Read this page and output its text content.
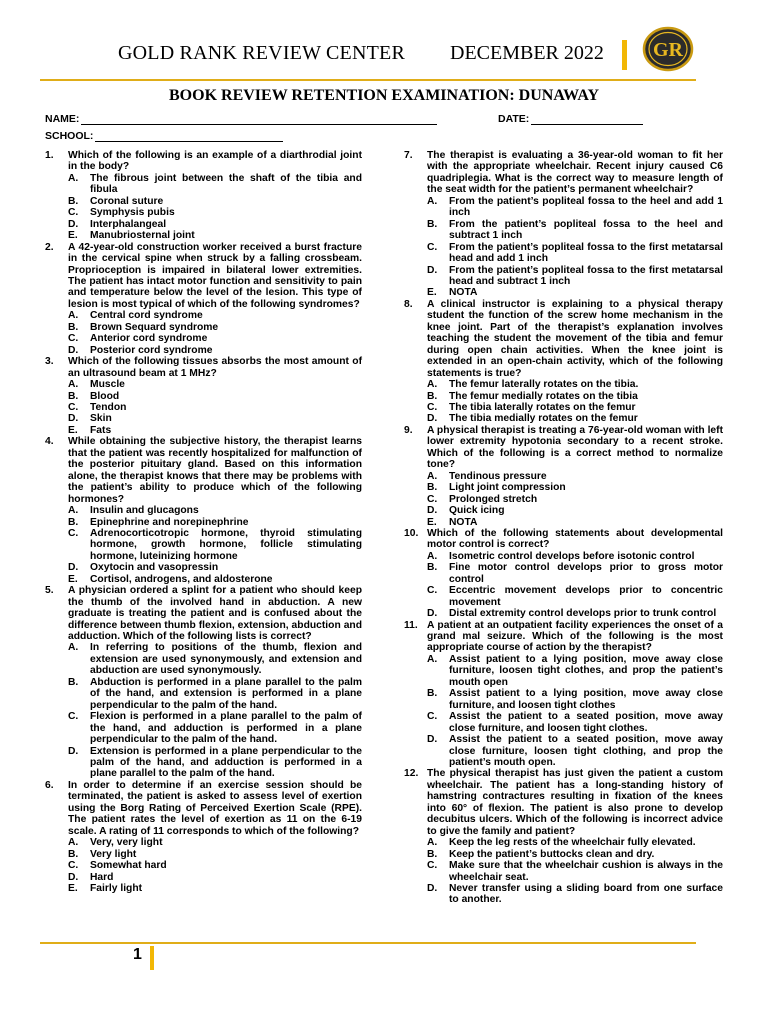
GOLD RANK REVIEW CENTER DECEMBER 2022 GR
BOOK REVIEW RETENTION EXAMINATION: DUNAWAY
NAME:	DATE:
SCHOOL:
1. Which of the following is an example of a diarthrodial joint in the body?
A. The fibrous joint between the shaft of the tibia and fibula
B. Coronal suture
C. Symphysis pubis
D. Interphalangeal
E. Manubriosternal joint
2. A 42-year-old construction worker received a burst fracture in the cervical spine when struck by a falling crossbeam. Proprioception is impaired in bilateral lower extremities. The patient has intact motor function and sensitivity to pain and temperature below the level of the lesion. This type of lesion is most typical of which of the following syndromes?
A. Central cord syndrome
B. Brown Sequard syndrome
C. Anterior cord syndrome
D. Posterior cord syndrome
3. Which of the following tissues absorbs the most amount of an ultrasound beam at 1 MHz?
A. Muscle
B. Blood
C. Tendon
D. Skin
E. Fats
4. While obtaining the subjective history, the therapist learns that the patient was recently hospitalized for malfunction of the posterior pituitary gland. Based on this information alone, the therapist knows that there may be problems with the patient’s ability to produce which of the following hormones?
A. Insulin and glucagons
B. Epinephrine and norepinephrine
C. Adrenocorticotropic hormone, thyroid stimulating hormone, growth hormone, follicle stimulating hormone, luteinizing hormone
D. Oxytocin and vasopressin
E. Cortisol, androgens, and aldosterone
5. A physician ordered a splint for a patient who should keep the thumb of the involved hand in abduction. A new graduate is treating the patient and is confused about the difference between thumb flexion, extension, abduction and adduction. Which of the following lists is correct?
A. In referring to positions of the thumb, flexion and extension are used synonymously, and extension and abduction are used synonymously.
B. Abduction is performed in a plane parallel to the palm of the hand, and extension is performed in a plane perpendicular to the palm of the hand.
C. Flexion is performed in a plane parallel to the palm of the hand, and adduction is performed in a plane perpendicular to the palm of the hand.
D. Extension is performed in a plane perpendicular to the palm of the hand, and adduction is performed in a plane parallel to the palm of the hand.
6. In order to determine if an exercise session should be terminated, the patient is asked to assess level of exertion using the Borg Rating of Perceived Exertion Scale (RPE). The patient rates the level of exertion as 11 on the 6-19 scale. A rating of 11 corresponds to which of the following?
A. Very, very light
B. Very light
C. Somewhat hard
D. Hard
E. Fairly light
7. The therapist is evaluating a 36-year-old woman to fit her with the appropriate wheelchair. Recent injury caused C6 quadriplegia. What is the correct way to measure length of the seat width for the patient’s permanent wheelchair?
A. From the patient’s popliteal fossa to the heel and add 1 inch
B. From the patient’s popliteal fossa to the heel and subtract 1 inch
C. From the patient’s popliteal fossa to the first metatarsal head and add 1 inch
D. From the patient’s popliteal fossa to the first metatarsal head and subtract 1 inch
E. NOTA
8. A clinical instructor is explaining to a physical therapy student the function of the screw home mechanism in the knee joint. Part of the therapist’s explanation involves teaching the student the movement of the tibia and femur during open chain activities. When the knee joint is extended in an open-chain activity, which of the following statements is true?
A. The femur laterally rotates on the tibia.
B. The femur medially rotates on the tibia
C. The tibia laterally rotates on the femur
D. The tibia medially rotates on the femur
9. A physical therapist is treating a 76-year-old woman with left lower extremity hypotonia secondary to a recent stroke. Which of the following is a correct method to normalize tone?
A. Tendinous pressure
B. Light joint compression
C. Prolonged stretch
D. Quick icing
E. NOTA
10. Which of the following statements about developmental motor control is correct?
A. Isometric control develops before isotonic control
B. Fine motor control develops prior to gross motor control
C. Eccentric movement develops prior to concentric movement
D. Distal extremity control develops prior to trunk control
11. A patient at an outpatient facility experiences the onset of a grand mal seizure. Which of the following is the most appropriate course of action by the therapist?
A. Assist patient to a lying position, move away close furniture, loosen tight clothes, and prop the patient’s mouth open
B. Assist patient to a lying position, move away close furniture, and loosen tight clothes
C. Assist the patient to a seated position, move away close furniture, and loosen tight clothes.
D. Assist the patient to a seated position, move away close furniture, loosen tight clothing, and prop the patient’s mouth open.
12. The physical therapist has just given the patient a custom wheelchair. The patient has a long-standing history of hamstring contractures resulting in fixation of the knees into 60° of flexion. The patient is also prone to develop decubitus ulcers. Which of the following is incorrect advice to give the family and patient?
A. Keep the leg rests of the wheelchair fully elevated.
B. Keep the patient’s buttocks clean and dry.
C. Make sure that the wheelchair cushion is always in the wheelchair seat.
D. Never transfer using a sliding board from one surface to another.
1
